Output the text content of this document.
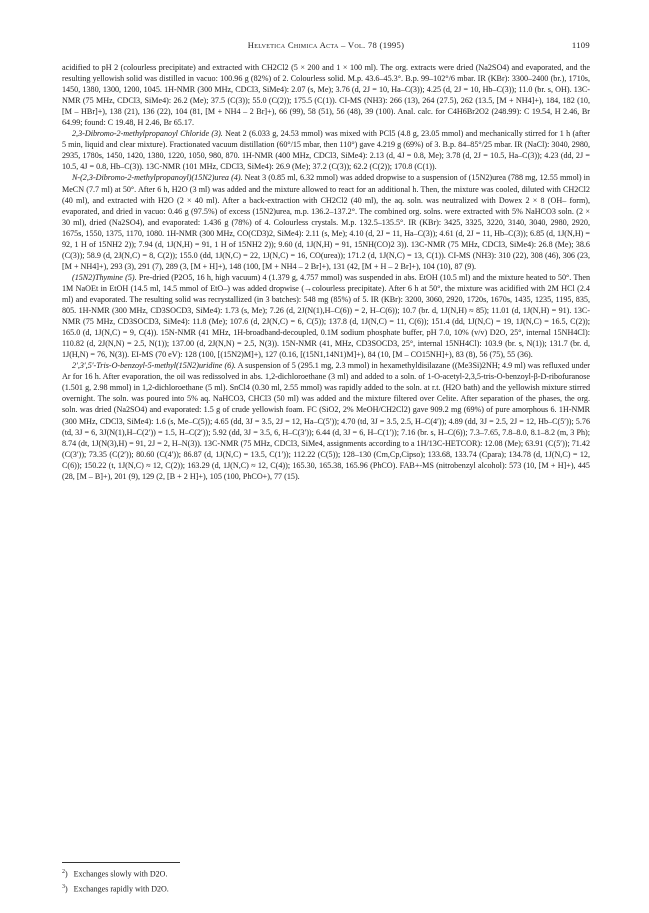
Helvetica Chimica Acta – Vol. 78 (1995)	1109

acidified to pH 2 (colourless precipitate) and extracted with CH2Cl2 (5 × 200 and 1 × 100 ml). The org. extracts were dried (Na2SO4) and evaporated, and the resulting yellowish solid was distilled in vacuo: 100.96 g (82%) of 2. Colourless solid. M.p. 43.6–45.3°. B.p. 99–102°/6 mbar. IR (KBr): 3300–2400 (br.), 1710s, 1450, 1380, 1300, 1200, 1045. 1H-NMR (300 MHz, CDCl3, SiMe4): 2.07 (s, Me); 3.76 (d, 2J = 10, Ha–C(3)); 4.25 (d, 2J = 10, Hb–C(3)); 11.0 (br. s, OH). 13C-NMR (75 MHz, CDCl3, SiMe4): 26.2 (Me); 37.5 (C(3)); 55.0 (C(2)); 175.5 (C(1)). CI-MS (NH3): 266 (13), 264 (27.5), 262 (13.5, [M + NH4]+), 184, 182 (10, [M – HBr]+), 138 (21), 136 (22), 104 (81, [M + NH4 – 2 Br]+), 66 (99), 58 (51), 56 (48), 39 (100). Anal. calc. for C4H6Br2O2 (248.99): C 19.54, H 2.46, Br 64.99; found: C 19.48, H 2.46, Br 65.17.

2,3-Dibromo-2-methylpropanoyl Chloride (3). Neat 2 (6.033 g, 24.53 mmol) was mixed with PCl5 (4.8 g, 23.05 mmol) and mechanically stirred for 1 h (after 5 min, liquid and clear mixture). Fractionated vacuum distillation (60°/15 mbar, then 110°) gave 4.219 g (69%) of 3. B.p. 84–85°/25 mbar. IR (NaCl): 3040, 2980, 2935, 1780s, 1450, 1420, 1380, 1220, 1050, 980, 870. 1H-NMR (400 MHz, CDCl3, SiMe4): 2.13 (d, 4J = 0.8, Me); 3.78 (d, 2J = 10.5, Ha–C(3)); 4.23 (dd, 2J = 10.5, 4J = 0.8, Hb–C(3)). 13C-NMR (101 MHz, CDCl3, SiMe4): 26.9 (Me); 37.2 (C(3)); 62.2 (C(2)); 170.8 (C(1)).

N-(2,3-Dibromo-2-methylpropanoyl)(15N2)urea (4). Neat 3 (0.85 ml, 6.32 mmol) was added dropwise to a suspension of (15N2)urea (788 mg, 12.55 mmol) in MeCN (7.7 ml) at 50°. After 6 h, H2O (3 ml) was added and the mixture allowed to react for an additional h. Then, the mixture was cooled, diluted with CH2Cl2 (40 ml), and extracted with H2O (2 × 40 ml). After a back-extraction with CH2Cl2 (40 ml), the aq. soln. was neutralized with Dowex 2 × 8 (OH– form), evaporated, and dried in vacuo: 0.46 g (97.5%) of excess (15N2)urea, m.p. 136.2–137.2°. The combined org. solns. were extracted with 5% NaHCO3 soln. (2 × 30 ml), dried (Na2SO4), and evaporated: 1.436 g (78%) of 4. Colourless crystals. M.p. 132.5–135.5°. IR (KBr): 3425, 3325, 3220, 3140, 3040, 2980, 2920, 1675s, 1550, 1375, 1170, 1080. 1H-NMR (300 MHz, CO(CD3)2, SiMe4): 2.11 (s, Me); 4.10 (d, 2J = 11, Ha–C(3)); 4.61 (d, 2J = 11, Hb–C(3)); 6.85 (d, 1J(N,H) = 92, 1 H of 15NH2 2)); 7.94 (d, 1J(N,H) = 91, 1 H of 15NH2 2)); 9.60 (d, 1J(N,H) = 91, 15NH(CO)2 3)). 13C-NMR (75 MHz, CDCl3, SiMe4): 26.8 (Me); 38.6 (C(3)); 58.9 (d, 2J(N,C) = 8, C(2)); 155.0 (dd, 1J(N,C) = 22, 1J(N,C) = 16, CO(urea)); 171.2 (d, 1J(N,C) = 13, C(1)). CI-MS (NH3): 310 (22), 308 (46), 306 (23, [M + NH4]+), 293 (3), 291 (7), 289 (3, [M + H]+), 148 (100, [M + NH4 – 2 Br]+), 131 (42, [M + H – 2 Br]+), 104 (10), 87 (9).

(15N2)Thymine (5). Pre-dried (P2O5, 16 h, high vacuum) 4 (1.379 g, 4.757 mmol) was suspended in abs. EtOH (10.5 ml) and the mixture heated to 50°. Then 1M NaOEt in EtOH (14.5 ml, 14.5 mmol of EtO–) was added dropwise (→colourless precipitate). After 6 h at 50°, the mixture was acidified with 2M HCl (2.4 ml) and evaporated. The resulting solid was recrystallized (in 3 batches): 548 mg (85%) of 5. IR (KBr): 3200, 3060, 2920, 1720s, 1670s, 1435, 1235, 1195, 835, 805. 1H-NMR (300 MHz, CD3SOCD3, SiMe4): 1.73 (s, Me); 7.26 (d, 2J(N(1),H–C(6)) = 2, H–C(6)); 10.7 (br. d, 1J(N,H) ≈ 85); 11.01 (d, 1J(N,H) = 91). 13C-NMR (75 MHz, CD3SOCD3, SiMe4): 11.8 (Me); 107.6 (d, 2J(N,C) = 6, C(5)); 137.8 (d, 1J(N,C) = 11, C(6)); 151.4 (dd, 1J(N,C) = 19, 1J(N,C) = 16.5, C(2)); 165.0 (d, 1J(N,C) = 9, C(4)). 15N-NMR (41 MHz, 1H-broadband-decoupled, 0.1M sodium phosphate buffer, pH 7.0, 10% (v/v) D2O, 25°, internal 15NH4Cl): 110.82 (d, 2J(N,N) = 2.5, N(1)); 137.00 (d, 2J(N,N) = 2.5, N(3)). 15N-NMR (41, MHz, CD3SOCD3, 25°, internal 15NH4Cl): 103.9 (br. s, N(1)); 131.7 (br. d, 1J(H,N) = 76, N(3)). EI-MS (70 eV): 128 (100, [(15N2)M]+), 127 (0.16, [(15N1,14N1)M]+), 84 (10, [M – CO15NH]+), 83 (8), 56 (75), 55 (36).

2′,3′,5′-Tris-O-benzoyl-5-methyl(15N2)uridine (6). A suspension of 5 (295.1 mg, 2.3 mmol) in hexamethyldisilazane ((Me3Si)2NH; 4.9 ml) was refluxed under Ar for 16 h. After evaporation, the oil was redissolved in abs. 1,2-dichloroethane (3 ml) and added to a soln. of 1-O-acetyl-2,3,5-tris-O-benzoyl-β-D-ribofuranose (1.501 g, 2.98 mmol) in 1,2-dichloroethane (5 ml). SnCl4 (0.30 ml, 2.55 mmol) was rapidly added to the soln. at r.t. (H2O bath) and the yellowish mixture stirred overnight. The soln. was poured into 5% aq. NaHCO3, CHCl3 (50 ml) was added and the mixture filtered over Celite. After separation of the phases, the org. soln. was dried (Na2SO4) and evaporated: 1.5 g of crude yellowish foam. FC (SiO2, 2% MeOH/CH2Cl2) gave 909.2 mg (69%) of pure amorphous 6. 1H-NMR (300 MHz, CDCl3, SiMe4): 1.6 (s, Me–C(5)); 4.65 (dd, 3J = 3.5, 2J = 12, Ha–C(5′)); 4.70 (td, 3J = 3.5, 2.5, H–C(4′)); 4.89 (dd, 3J = 2.5, 2J = 12, Hb–C(5′)); 5.76 (td, 3J = 6, 3J(N(1),H–C(2′)) = 1.5, H–C(2′)); 5.92 (dd, 3J = 3.5, 6, H–C(3′)); 6.44 (d, 3J = 6, H–C(1′)); 7.16 (br. s, H–C(6)); 7.3–7.65, 7.8–8.0, 8.1–8.2 (m, 3 Ph); 8.74 (dt, 1J(N(3),H) = 91, 2J = 2, H–N(3)). 13C-NMR (75 MHz, CDCl3, SiMe4, assignments according to a 1H/13C-HETCOR): 12.08 (Me); 63.91 (C(5′)); 71.42 (C(3′)); 73.35 (C(2′)); 80.60 (C(4′)); 86.87 (d, 1J(N,C) = 13.5, C(1′)); 112.22 (C(5)); 128–130 (Cm,Cp,Cipso); 133.68, 133.74 (Cpara); 134.78 (d, 1J(N,C) = 12, C(6)); 150.22 (t, 1J(N,C) ≈ 12, C(2)); 163.29 (d, 1J(N,C) ≈ 12, C(4)); 165.30, 165.38, 165.96 (PhCO). FAB+-MS (nitrobenzyl alcohol): 573 (10, [M + H]+), 445 (28, [M – B]+), 201 (9), 129 (2, [B + 2 H]+), 105 (100, PhCO+), 77 (15).

$^2$)   Exchanges slowly with D2O.
$^3$)   Exchanges rapidly with D2O.
